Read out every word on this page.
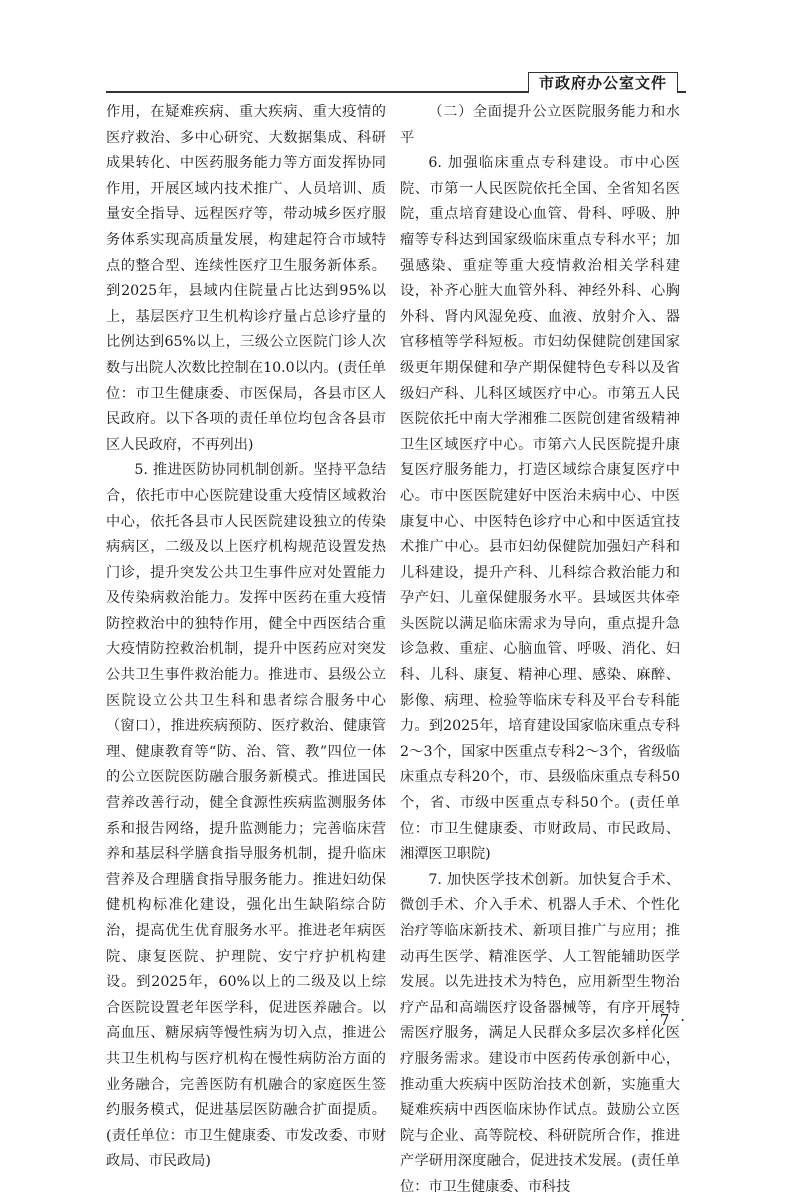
市政府办公室文件

作用，在疑难疾病、重大疾病、重大疫情的医疗救治、多中心研究、大数据集成、科研成果转化、中医药服务能力等方面发挥协同作用，开展区域内技术推广、人员培训、质量安全指导、远程医疗等，带动城乡医疗服务体系实现高质量发展，构建起符合市域特点的整合型、连续性医疗卫生服务新体系。到2025年，县域内住院量占比达到95%以上，基层医疗卫生机构诊疗量占总诊疗量的比例达到65%以上，三级公立医院门诊人次数与出院人次数比控制在10.0以内。(责任单位：市卫生健康委、市医保局，各县市区人民政府。以下各项的责任单位均包含各县市区人民政府，不再列出)

5. 推进医防协同机制创新。坚持平急结合，依托市中心医院建设重大疫情区域救治中心，依托各县市人民医院建设独立的传染病病区，二级及以上医疗机构规范设置发热门诊，提升突发公共卫生事件应对处置能力及传染病救治能力。发挥中医药在重大疫情防控救治中的独特作用，健全中西医结合重大疫情防控救治机制，提升中医药应对突发公共卫生事件救治能力。推进市、县级公立医院设立公共卫生科和患者综合服务中心（窗口），推进疾病预防、医疗救治、健康管理、健康教育等“防、治、管、教”四位一体的公立医院医防融合服务新模式。推进国民营养改善行动，健全食源性疾病监测服务体系和报告网络，提升监测能力；完善临床营养和基层科学膳食指导服务机制，提升临床营养及合理膳食指导服务能力。推进妇幼保健机构标准化建设，强化出生缺陷综合防治，提高优生优育服务水平。推进老年病医院、康复医院、护理院、安宁疗护机构建设。到2025年，60%以上的二级及以上综合医院设置老年医学科，促进医养融合。以高血压、糖尿病等慢性病为切入点，推进公共卫生机构与医疗机构在慢性病防治方面的业务融合，完善医防有机融合的家庭医生签约服务模式，促进基层医防融合扩面提质。(责任单位：市卫生健康委、市发改委、市财政局、市民政局)

（二）全面提升公立医院服务能力和水平

6. 加强临床重点专科建设。市中心医院、市第一人民医院依托全国、全省知名医院，重点培育建设心血管、骨科、呼吸、肿瘤等专科达到国家级临床重点专科水平；加强感染、重症等重大疫情救治相关学科建设，补齐心脏大血管外科、神经外科、心胸外科、肾内风湿免疫、血液、放射介入、器官移植等学科短板。市妇幼保健院创建国家级更年期保健和孕产期保健特色专科以及省级妇产科、儿科区域医疗中心。市第五人民医院依托中南大学湘雅二医院创建省级精神卫生区域医疗中心。市第六人民医院提升康复医疗服务能力，打造区域综合康复医疗中心。市中医医院建好中医治未病中心、中医康复中心、中医特色诊疗中心和中医适宜技术推广中心。县市妇幼保健院加强妇产科和儿科建设，提升产科、儿科综合救治能力和孕产妇、儿童保健服务水平。县域医共体牵头医院以满足临床需求为导向，重点提升急诊急救、重症、心脑血管、呼吸、消化、妇科、儿科、康复、精神心理、感染、麻醉、影像、病理、检验等临床专科及平台专科能力。到2025年，培育建设国家临床重点专科2～3个，国家中医重点专科2～3个，省级临床重点专科20个，市、县级临床重点专科50个，省、市级中医重点专科50个。(责任单位：市卫生健康委、市财政局、市民政局、湘潭医卫职院)

7. 加快医学技术创新。加快复合手术、微创手术、介入手术、机器人手术、个性化治疗等临床新技术、新项目推广与应用；推动再生医学、精准医学、人工智能辅助医学发展。以先进技术为特色，应用新型生物治疗产品和高端医疗设备器械等，有序开展特需医疗服务，满足人民群众多层次多样化医疗服务需求。建设市中医药传承创新中心，推动重大疾病中医防治技术创新，实施重大疑难疾病中西医临床协作试点。鼓励公立医院与企业、高等院校、科研院所合作，推进产学研用深度融合，促进技术发展。(责任单位：市卫生健康委、市科技

· 7 ·
